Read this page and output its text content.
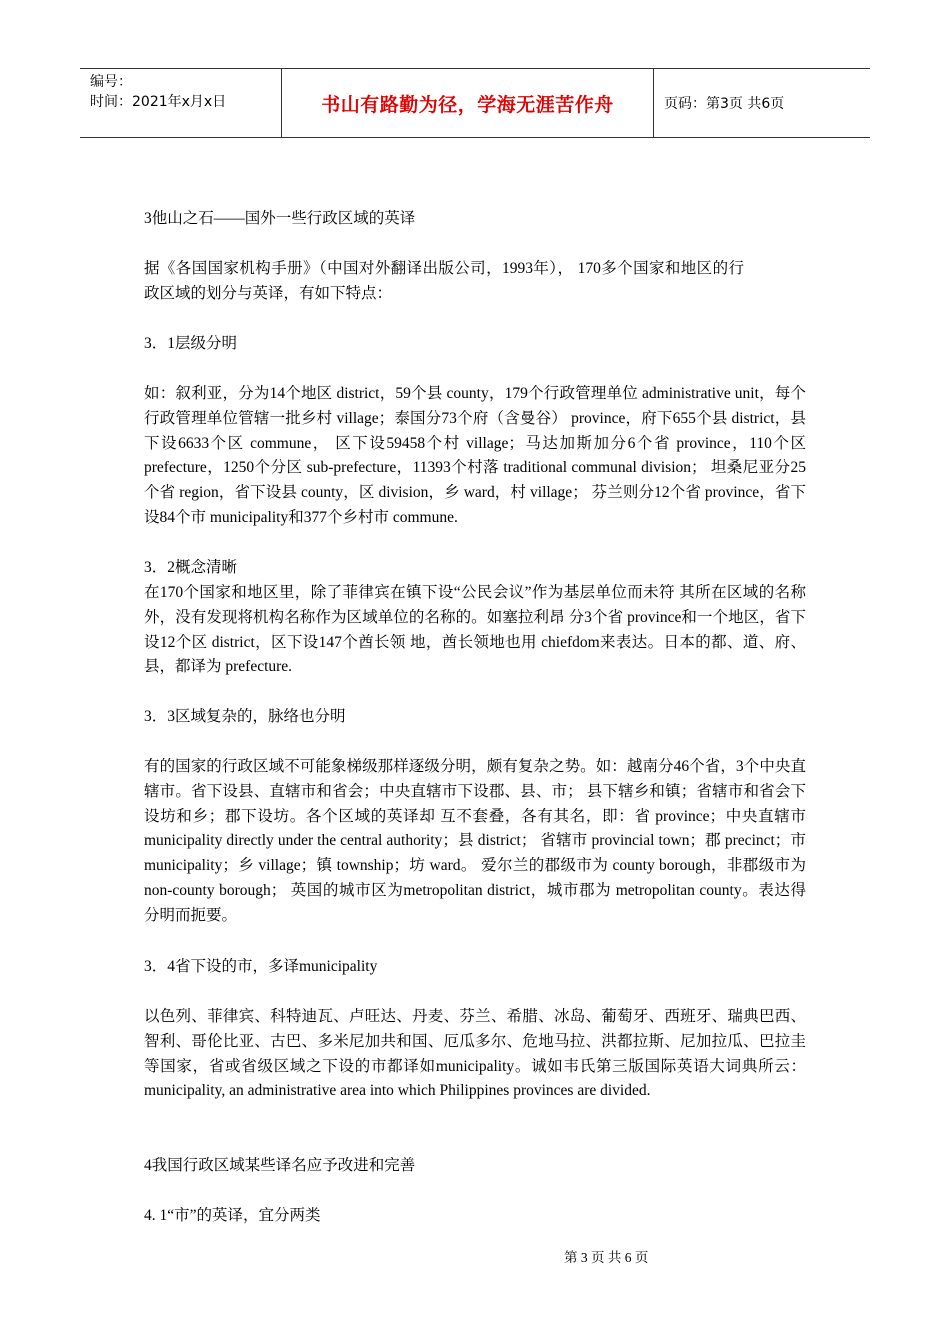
编号：
时间：2021年x月x日	书山有路勤为径，学海无涯苦作舟	页码：第3页 共6页

3他山之石——国外一些行政区域的英译

据《各国国家机构手册》（中国对外翻译出版公司，1993年）， 170多个国家和地区的行政区域的划分与英译，有如下特点：

3．1层级分明

如：叙利亚，分为14个地区 district，59个县 county，179个行政管理单位 administrative unit，每个行政管理单位管辖一批乡村 village；泰国分73个府（含曼谷） province，府下655个县 district，县下设6633个区 commune， 区下设59458个村 village；马达加斯加分6个省 province，110个区 prefecture，1250个分区 sub-prefecture，11393个村落 traditional communal division； 坦桑尼亚分25个省 region，省下设县 county，区 division，乡 ward，村 village； 芬兰则分12个省 province，省下设84个市 municipality和377个乡村市 commune.

3．2概念清晰

在170个国家和地区里，除了菲律宾在镇下设“公民会议”作为基层单位而未符 其所在区域的名称外，没有发现将机构名称作为区域单位的名称的。如塞拉利昂 分3个省 province和一个地区，省下设12个区 district，区下设147个酋长领 地，酋长领地也用 chiefdom来表达。日本的都、道、府、县，都译为 prefecture.

3．3区域复杂的，脉络也分明

有的国家的行政区域不可能象梯级那样逐级分明，颇有复杂之势。如：越南分46个省，3个中央直辖市。省下设县、直辖市和省会；中央直辖市下设郡、县、市； 县下辖乡和镇；省辖市和省会下设坊和乡；郡下设坊。各个区域的英译却 互不套叠，各有其名，即：省 province；中央直辖市 municipality directly under the central authority；县 district； 省辖市 provincial town；郡 precinct；市 municipality；乡 village；镇 township；坊 ward。 爱尔兰的郡级市为 county borough，非郡级市为 non-county borough； 英国的城市区为metropolitan district，城市郡为 metropolitan county。表达得 分明而扼要。

3．4省下设的市，多译municipality

以色列、菲律宾、科特迪瓦、卢旺达、丹麦、芬兰、希腊、冰岛、葡萄牙、西班牙、瑞典巴西、智利、哥伦比亚、古巴、多米尼加共和国、厄瓜多尔、危地马拉、洪都拉斯、尼加拉瓜、巴拉圭等国家，省或省级区域之下设的市都译如municipality。诚如韦氏第三版国际英语大词典所云：municipality, an administrative area into which Philippines provinces are divided.

4我国行政区域某些译名应予改进和完善

4. 1“市”的英译，宜分两类

第 3 页 共 6 页
